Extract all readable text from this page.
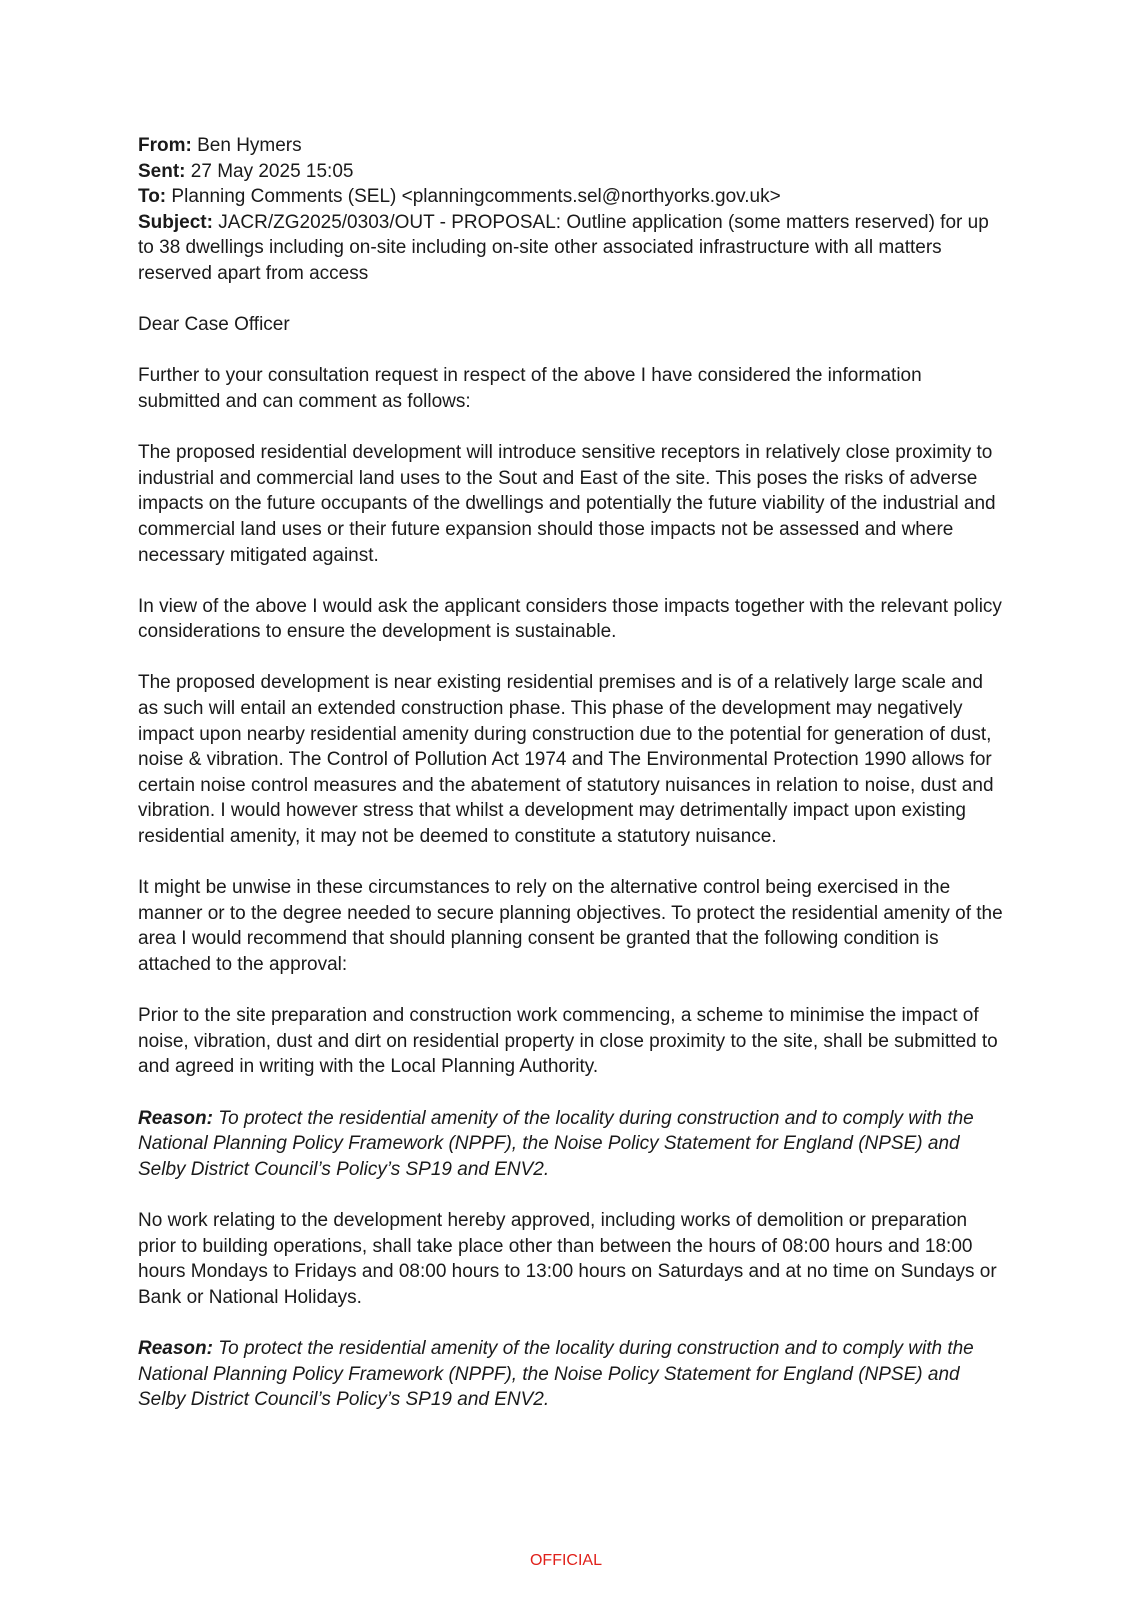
From: Ben Hymers
Sent: 27 May 2025 15:05
To: Planning Comments (SEL) <planningcomments.sel@northyorks.gov.uk>
Subject: JACR/ZG2025/0303/OUT - PROPOSAL: Outline application (some matters reserved) for up to 38 dwellings including on-site including on-site other associated infrastructure with all matters reserved apart from access

Dear Case Officer

Further to your consultation request in respect of the above I have considered the information submitted and can comment as follows:

The proposed residential development will introduce sensitive receptors in relatively close proximity to industrial and commercial land uses to the Sout and East of the site. This poses the risks of adverse impacts on the future occupants of the dwellings and potentially the future viability of the industrial and commercial land uses or their future expansion should those impacts not be assessed and where necessary mitigated against.

In view of the above I would ask the applicant considers those impacts together with the relevant policy considerations to ensure the development is sustainable.

The proposed development is near existing residential premises and is of a relatively large scale and as such will entail an extended construction phase. This phase of the development may negatively impact upon nearby residential amenity during construction due to the potential for generation of dust, noise & vibration. The Control of Pollution Act 1974 and The Environmental Protection 1990 allows for certain noise control measures and the abatement of statutory nuisances in relation to noise, dust and vibration. I would however stress that whilst a development may detrimentally impact upon existing residential amenity, it may not be deemed to constitute a statutory nuisance.

It might be unwise in these circumstances to rely on the alternative control being exercised in the manner or to the degree needed to secure planning objectives. To protect the residential amenity of the area I would recommend that should planning consent be granted that the following condition is attached to the approval:

Prior to the site preparation and construction work commencing, a scheme to minimise the impact of noise, vibration, dust and dirt on residential property in close proximity to the site, shall be submitted to and agreed in writing with the Local Planning Authority.

Reason: To protect the residential amenity of the locality during construction and to comply with the National Planning Policy Framework (NPPF), the Noise Policy Statement for England (NPSE) and Selby District Council’s Policy’s SP19 and ENV2.

No work relating to the development hereby approved, including works of demolition or preparation prior to building operations, shall take place other than between the hours of 08:00 hours and 18:00 hours Mondays to Fridays and 08:00 hours to 13:00 hours on Saturdays and at no time on Sundays or Bank or National Holidays.

Reason: To protect the residential amenity of the locality during construction and to comply with the National Planning Policy Framework (NPPF), the Noise Policy Statement for England (NPSE) and Selby District Council’s Policy’s SP19 and ENV2.

OFFICIAL
